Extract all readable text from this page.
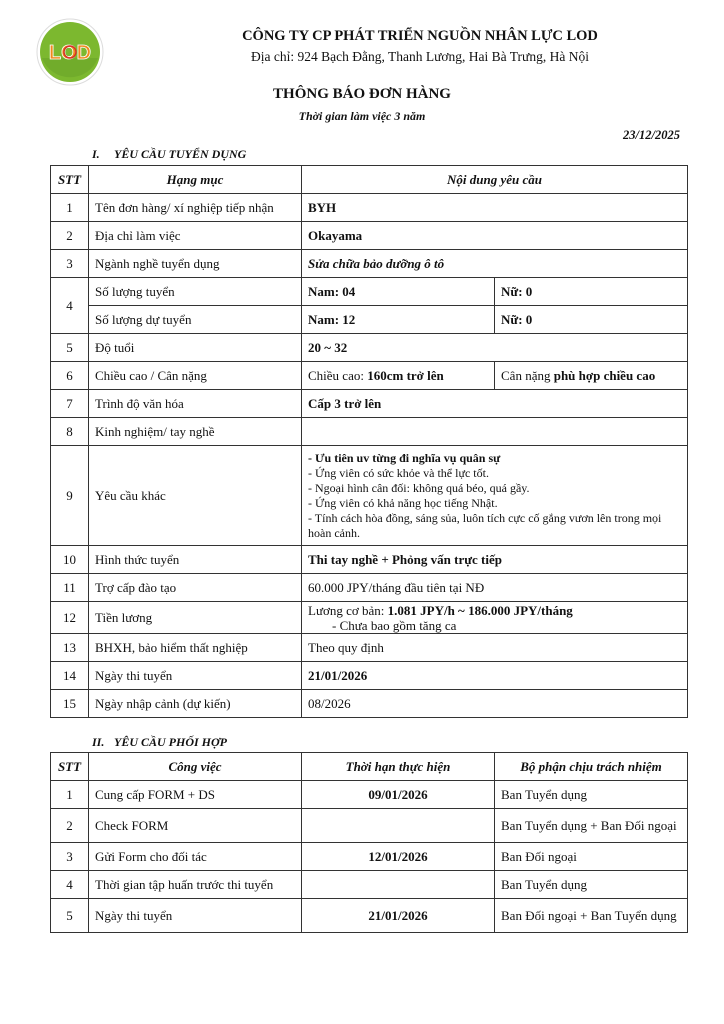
LOD
CÔNG TY CP PHÁT TRIỂN NGUỒN NHÂN LỰC LOD
Địa chỉ: 924 Bạch Đằng, Thanh Lương, Hai Bà Trưng, Hà Nội
THÔNG BÁO ĐƠN HÀNG
Thời gian làm việc 3 năm
23/12/2025
I. YÊU CẦU TUYỂN DỤNG
STT	Hạng mục	Nội dung yêu cầu	
1	Tên đơn hàng/ xí nghiệp tiếp nhận	BYH	
2	Địa chỉ làm việc	Okayama	
3	Ngành nghề tuyển dụng	Sửa chữa bảo dưỡng ô tô	
4	Số lượng tuyển	Nam: 04	Nữ: 0
	Số lượng dự tuyển	Nam: 12	Nữ: 0
5	Độ tuổi	20 ~ 32	
6	Chiều cao / Cân nặng	Chiều cao: 160cm trở lên	Cân nặng phù hợp chiều cao
7	Trình độ văn hóa	Cấp 3 trở lên	
8	Kinh nghiệm/ tay nghề		
9	Yêu cầu khác	- Ưu tiên uv từng đi nghĩa vụ quân sự
- Ứng viên có sức khỏe và thể lực tốt.
- Ngoại hình cân đối: không quá béo, quá gầy.
- Ứng viên có khả năng học tiếng Nhật.
- Tính cách hòa đồng, sáng sủa, luôn tích cực cố gắng vươn lên trong mọi hoàn cảnh.	

10	Hình thức tuyển	Thi tay nghề + Phỏng vấn trực tiếp	
11	Trợ cấp đào tạo	60.000 JPY/tháng đầu tiên tại NĐ	
12	Tiền lương	Lương cơ bản: 1.081 JPY/h ~ 186.000 JPY/tháng
- Chưa bao gồm tăng ca	

13	BHXH, bảo hiểm thất nghiệp	Theo quy định	
14	Ngày thi tuyển	21/01/2026	
15	Ngày nhập cảnh (dự kiến)	08/2026	
II. YÊU CẦU PHỐI HỢP
STT	Công việc	Thời hạn thực hiện	Bộ phận chịu trách nhiệm
1	Cung cấp FORM + DS	09/01/2026	Ban Tuyển dụng
2	Check FORM		Ban Tuyển dụng + Ban Đối ngoại
3	Gửi Form cho đối tác	12/01/2026	Ban Đối ngoại
4	Thời gian tập huấn trước thi tuyển		Ban Tuyển dụng
5	Ngày thi tuyển	21/01/2026	Ban Đối ngoại + Ban Tuyển dụng
